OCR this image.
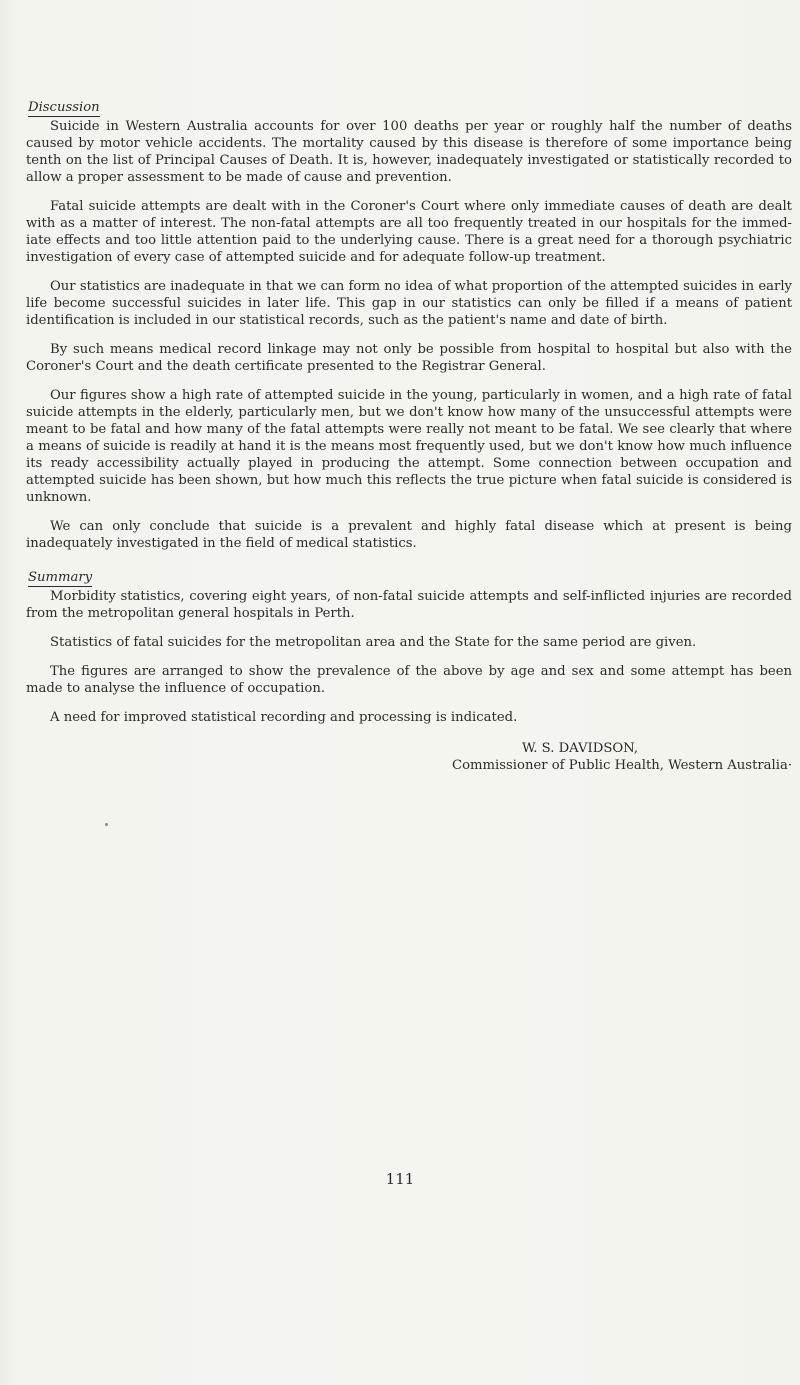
Discussion

Suicide in Western Australia accounts for over 100 deaths per year or roughly half the number of deaths caused by motor vehicle accidents. The mortality caused by this disease is therefore of some importance being tenth on the list of Principal Causes of Death. It is, however, inadequately investigated or statistically recorded to allow a proper assessment to be made of cause and prevention.

Fatal suicide attempts are dealt with in the Coroner's Court where only immediate causes of death are dealt with as a matter of interest. The non-fatal attempts are all too frequently treated in our hospitals for the immediate effects and too little attention paid to the underlying cause. There is a great need for a thorough psychiatric investigation of every case of attempted suicide and for adequate follow-up treatment.

Our statistics are inadequate in that we can form no idea of what proportion of the attempted suicides in early life become successful suicides in later life. This gap in our statistics can only be filled if a means of patient identification is included in our statistical records, such as the patient's name and date of birth.

By such means medical record linkage may not only be possible from hospital to hospital but also with the Coroner's Court and the death certificate presented to the Registrar General.

Our figures show a high rate of attempted suicide in the young, particularly in women, and a high rate of fatal suicide attempts in the elderly, particularly men, but we don't know how many of the unsuccessful attempts were meant to be fatal and how many of the fatal attempts were really not meant to be fatal. We see clearly that where a means of suicide is readily at hand it is the means most frequently used, but we don't know how much influence its ready accessibility actually played in producing the attempt. Some connection between occupation and attempted suicide has been shown, but how much this reflects the true picture when fatal suicide is considered is unknown.

We can only conclude that suicide is a prevalent and highly fatal disease which at present is being inadequately investigated in the field of medical statistics.

Summary

Morbidity statistics, covering eight years, of non-fatal suicide attempts and self-inflicted injuries are recorded from the metropolitan general hospitals in Perth.

Statistics of fatal suicides for the metropolitan area and the State for the same period are given.

The figures are arranged to show the prevalence of the above by age and sex and some attempt has been made to analyse the influence of occupation.

A need for improved statistical recording and processing is indicated.

W. S. DAVIDSON,
Commissioner of Public Health, Western Australia·
111
